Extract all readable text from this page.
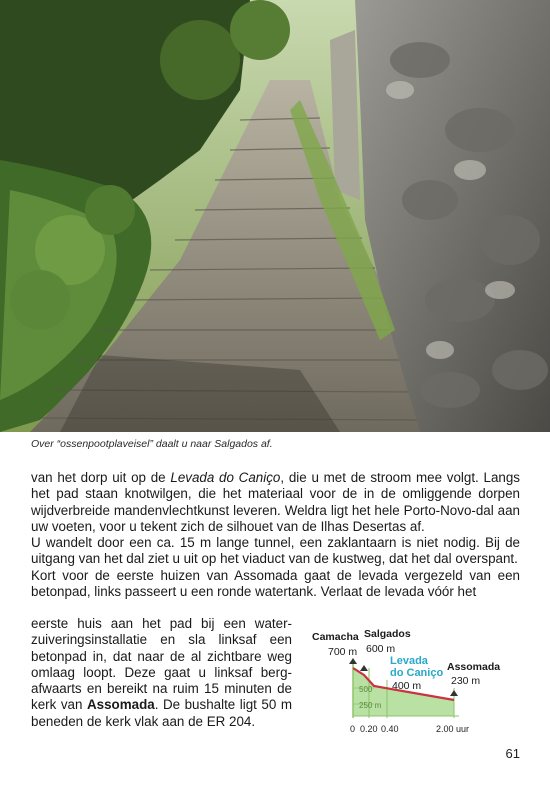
Over “ossenpootplaveisel” daalt u naar Salgados af.

van het dorp uit op de Levada do Caniço, die u met de stroom mee volgt. Langs het pad staan knotwilgen, die het materiaal voor de in de omliggende dorpen wijdverbreide mandenvlechtkunst leveren. Weldra ligt het hele Porto-Novo-dal aan uw voeten, voor u tekent zich de silhouet van de Ilhas Desertas af.

U wandelt door een ca. 15 m lange tunnel, een zaklantaarn is niet nodig. Bij de uitgang van het dal ziet u uit op het viaduct van de kustweg, dat het dal overspant.

Kort voor de eerste huizen van Assomada gaat de levada vergezeld van een betonpad, links passeert u een ronde watertank. Verlaat de levada vóór het

eerste huis aan het pad bij een water-zuiveringsinstallatie en sla linksaf een betonpad in, dat naar de al zichtbare weg omlaag loopt. Deze gaat u linksaf berg-afwaarts en bereikt na ruim 15 minuten de kerk van Assomada. De bushalte ligt 50 m beneden de kerk vlak aan de ER 204.

Camacha
700 m
Salgados
600 m
Levada
do Caniço Assomada
230 m
400 m
500
250 m
0 0.20 0.40	2.00 uur
61
